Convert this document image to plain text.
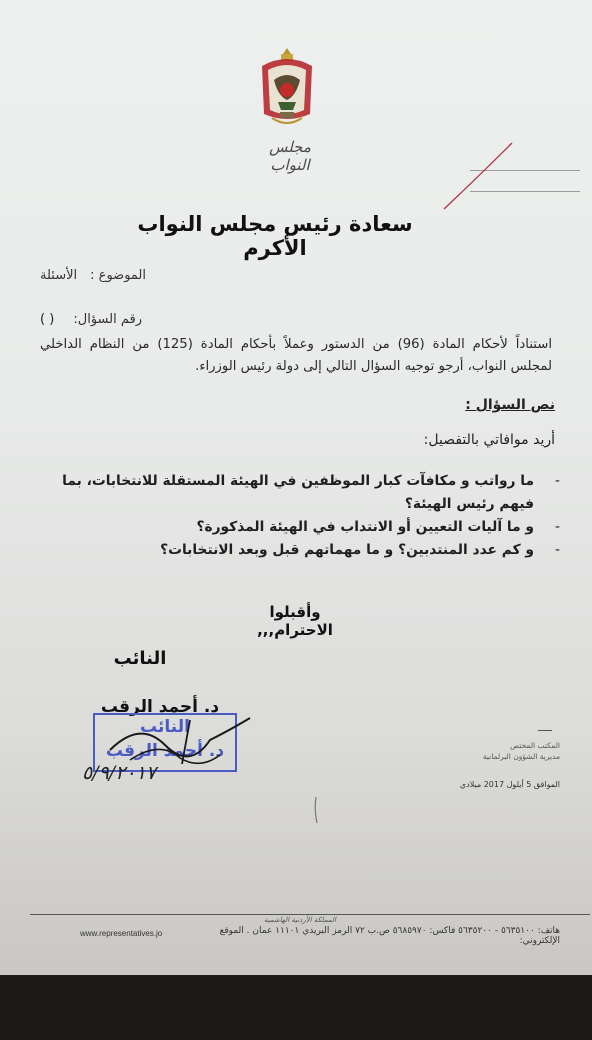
مجلس النواب
سعادة رئيس مجلس النواب الأكرم
الموضوع :
الأسئلة
رقم السؤال:
( )
استناداً لأحكام المادة (96) من الدستور وعملاً بأحكام المادة (125) من النظام الداخلي لمجلس النواب، أرجو توجيه السؤال التالي إلى دولة رئيس الوزراء.
نص السؤال :
أريد موافاتي بالتفصيل:
-
ما رواتب و مكافآت كبار الموظفين في الهيئة المستقلة للانتخابات، بما فيهم رئيس الهيئة؟
-
و ما آليات التعيين أو الانتداب في الهيئة المذكورة؟
-
و كم عدد المنتدبين؟ و ما مهماتهم قبل وبعد الانتخابات؟
وأقبلوا الاحترام,,,
النائب
د. أحمد الرقب
النائب
د. أحمد الرقب
٥/٩/٢٠١٧
المكتب المختص
مديرية الشؤون البرلمانية
الموافق 5 أيلول 2017 ميلادي
المملكة الأردنية الهاشمية
هاتف: ٥٦٣٥١٠٠ - ٥٦٣٥٢٠٠ فاكس: ٥٦٨٥٩٧٠ ص.ب ٧٢ الرمز البريدي ١١١٠١ عمان . الموقع الإلكتروني:
www.representatives.jo
